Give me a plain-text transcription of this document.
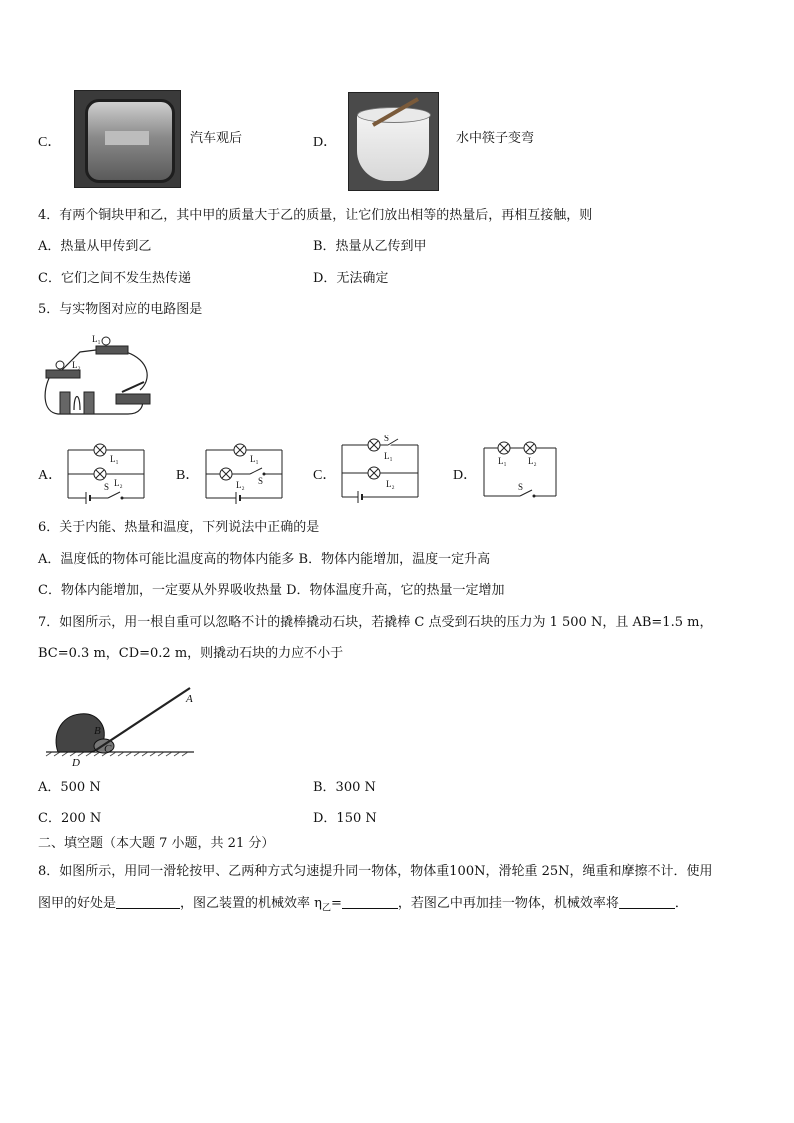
C．	汽车观后	D．	水中筷子变弯
4．有两个铜块甲和乙，其中甲的质量大于乙的质量，让它们放出相等的热量后，再相互接触，则
A．热量从甲传到乙	B．热量从乙传到甲
C．它们之间不发生热传递	D．无法确定
5．与实物图对应的电路图是
L₁
L₂
A．
L₁
L₂
S
B．
L₁
L₂ S	C．
S
L₁
L₂
D．
L₁ L₂
S
6．关于内能、热量和温度，下列说法中正确的是
A．温度低的物体可能比温度高的物体内能多 B．物体内能增加，温度一定升高
C．物体内能增加，一定要从外界吸收热量 D．物体温度升高，它的热量一定增加
7．如图所示，用一根自重可以忽略不计的撬棒撬动石块，若撬棒 C 点受到石块的压力为 1 500 N，且 AB=1.5 m，
BC=0.3 m，CD=0.2 m，则撬动石块的力应不小于
A
B
C
D
A．500 N	B．300 N
C．200 N	D．150 N
二、填空题（本大题 7 小题，共 21 分）
8．如图所示，用同一滑轮按甲、乙两种方式匀速提升同一物体，物体重100N，滑轮重 25N，绳重和摩擦不计．使用
图甲的好处是	，图乙装置的机械效率 $\eta_乙=$	，若图乙中再加挂一物体，机械效率将	．
